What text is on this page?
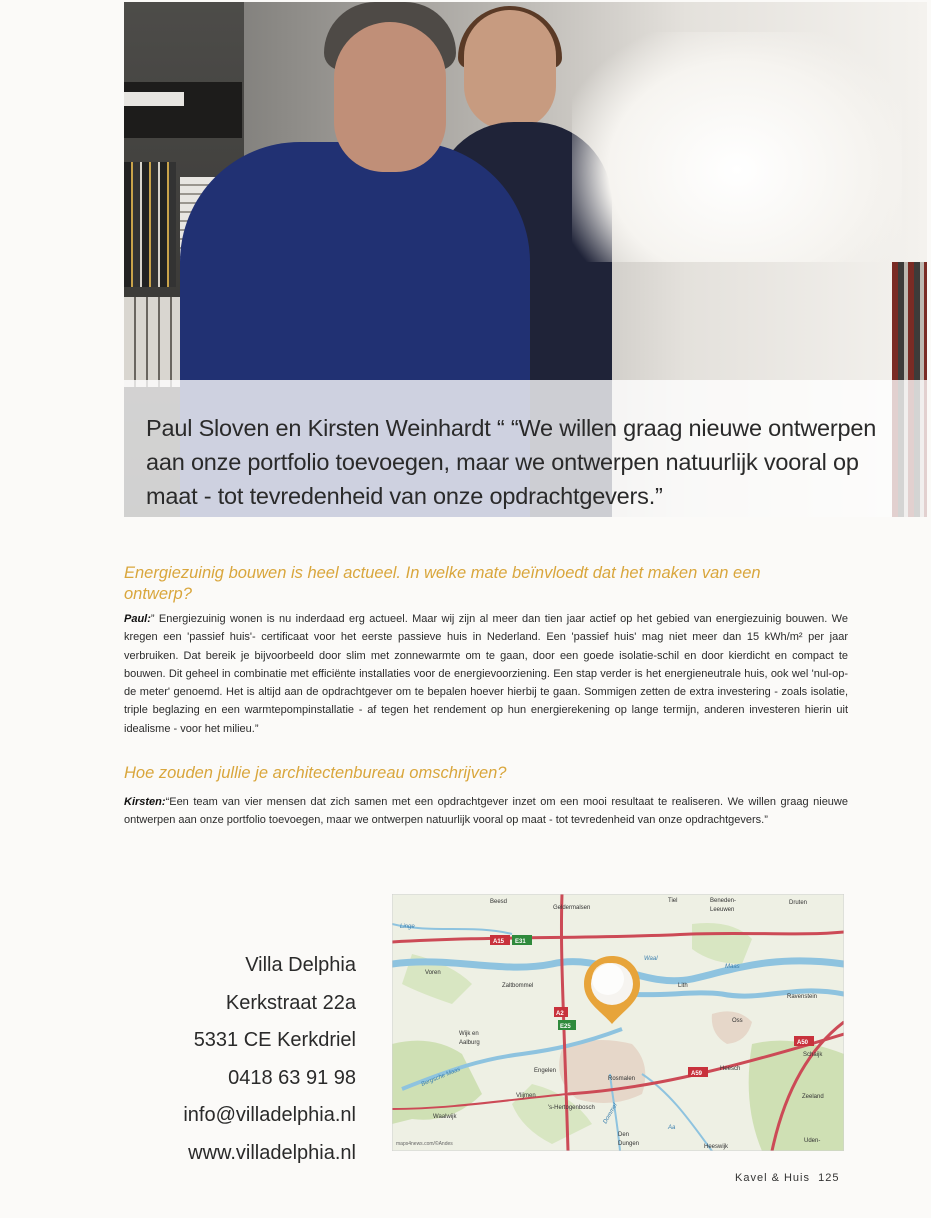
Paul Sloven en Kirsten Weinhardt “ “We willen graag nieuwe ontwerpen
aan onze portfolio toevoegen, maar we ontwerpen natuurlijk vooral op
maat - tot tevredenheid van onze opdrachtgevers.”
Energiezuinig bouwen is heel actueel. In welke mate beïnvloedt dat het maken van een
ontwerp?
Paul:” Energiezuinig wonen is nu inderdaad erg actueel. Maar wij zijn al meer dan tien jaar actief op het gebied van energiezuinig bouwen. We kregen een 'passief huis'- certificaat voor het eerste passieve huis in Nederland. Een 'passief huis' mag niet meer dan 15 kWh/m² per jaar verbruiken. Dat bereik je bijvoorbeeld door slim met zonnewarmte om te gaan, door een goede isolatie-schil en door kierdicht en compact te bouwen. Dit geheel in combinatie met efficiënte installaties voor de energievoorziening. Een stap verder is het energieneutrale huis, ook wel 'nul-op-de meter' genoemd. Het is altijd aan de opdrachtgever om te bepalen hoever hierbij te gaan. Sommigen zetten de extra investering - zoals isolatie, triple beglazing en een warmtepompinstallatie - af tegen het rendement op hun energierekening op lange termijn, anderen investeren hierin uit idealisme - voor het milieu.”
Hoe zouden jullie je architectenbureau omschrijven?
Kirsten:“Een team van vier mensen dat zich samen met een opdrachtgever inzet om een mooi resultaat te realiseren. We willen graag nieuwe ontwerpen aan onze portfolio toevoegen, maar we ontwerpen natuurlijk vooral op maat - tot tevredenheid van onze opdrachtgevers.”
Villa Delphia
Kerkstraat 22a
5331 CE Kerkdriel
0418 63 91 98
info@villadelphia.nl
www.villadelphia.nl
Beesd
Geldermalsen
Tiel	Beneden-
Leeuwen
Druten
Linge
Maas
Waal
Voren
Zaltbommel	Lith
Ravenstein
Oss
Wijk en
Aalburg
Schaijk
Bergsche Maas	Engelen
Rosmalen
Heesch
Vlijmen	Zeeland
Waalwijk
's-Hertogenbosch Dommel
Aa
Den
Dungen	Heeswijk
Uden-
maps4news.com/©Andes
A15 E31
A2
E25
A59
A50
Kavel & Huis 125
